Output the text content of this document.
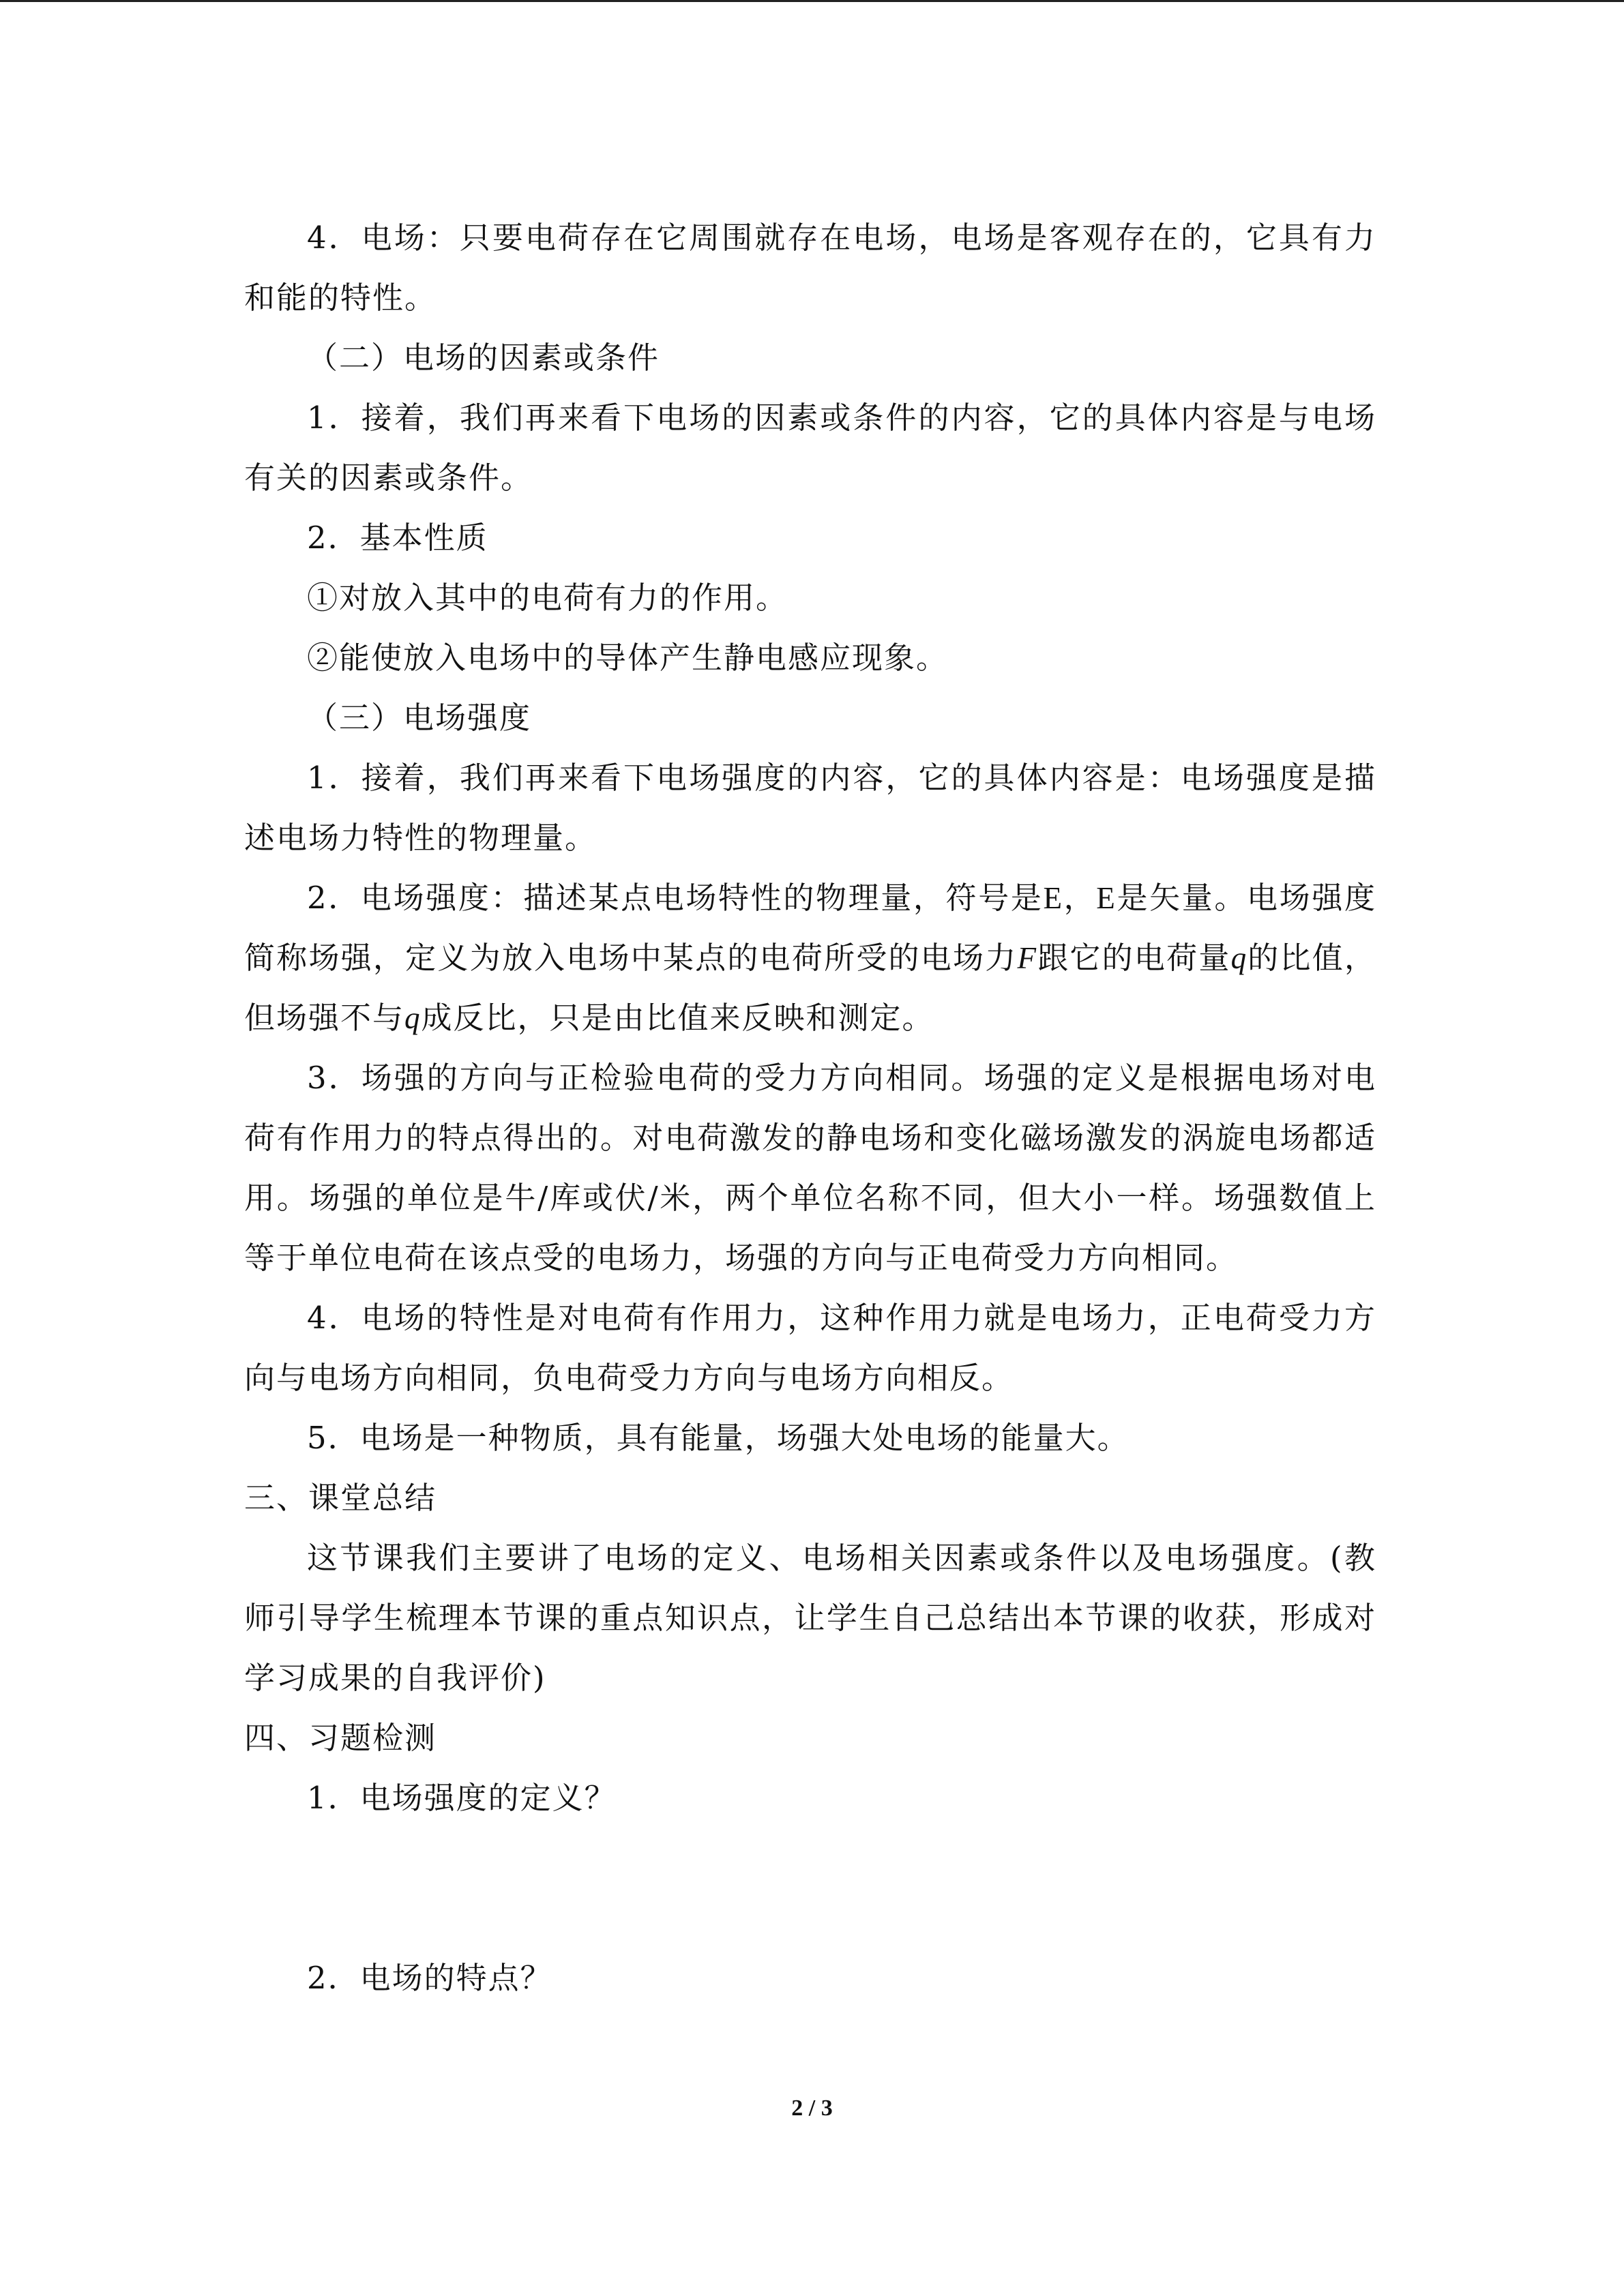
4．电场：只要电荷存在它周围就存在电场，电场是客观存在的，它具有力和能的特性。

（二）电场的因素或条件

1．接着，我们再来看下电场的因素或条件的内容，它的具体内容是与电场有关的因素或条件。

2．基本性质

①对放入其中的电荷有力的作用。

②能使放入电场中的导体产生静电感应现象。

（三）电场强度

1．接着，我们再来看下电场强度的内容，它的具体内容是：电场强度是描述电场力特性的物理量。

2．电场强度：描述某点电场特性的物理量，符号是E，E是矢量。电场强度简称场强，定义为放入电场中某点的电荷所受的电场力F跟它的电荷量q的比值，但场强不与q成反比，只是由比值来反映和测定。

3．场强的方向与正检验电荷的受力方向相同。场强的定义是根据电场对电荷有作用力的特点得出的。对电荷激发的静电场和变化磁场激发的涡旋电场都适用。场强的单位是牛/库或伏/米，两个单位名称不同，但大小一样。场强数值上等于单位电荷在该点受的电场力，场强的方向与正电荷受力方向相同。

4．电场的特性是对电荷有作用力，这种作用力就是电场力，正电荷受力方向与电场方向相同，负电荷受力方向与电场方向相反。

5．电场是一种物质，具有能量，场强大处电场的能量大。

三、课堂总结

这节课我们主要讲了电场的定义、电场相关因素或条件以及电场强度。(教师引导学生梳理本节课的重点知识点，让学生自己总结出本节课的收获，形成对学习成果的自我评价)

四、习题检测

1．电场强度的定义？

2．电场的特点？

2 / 3
